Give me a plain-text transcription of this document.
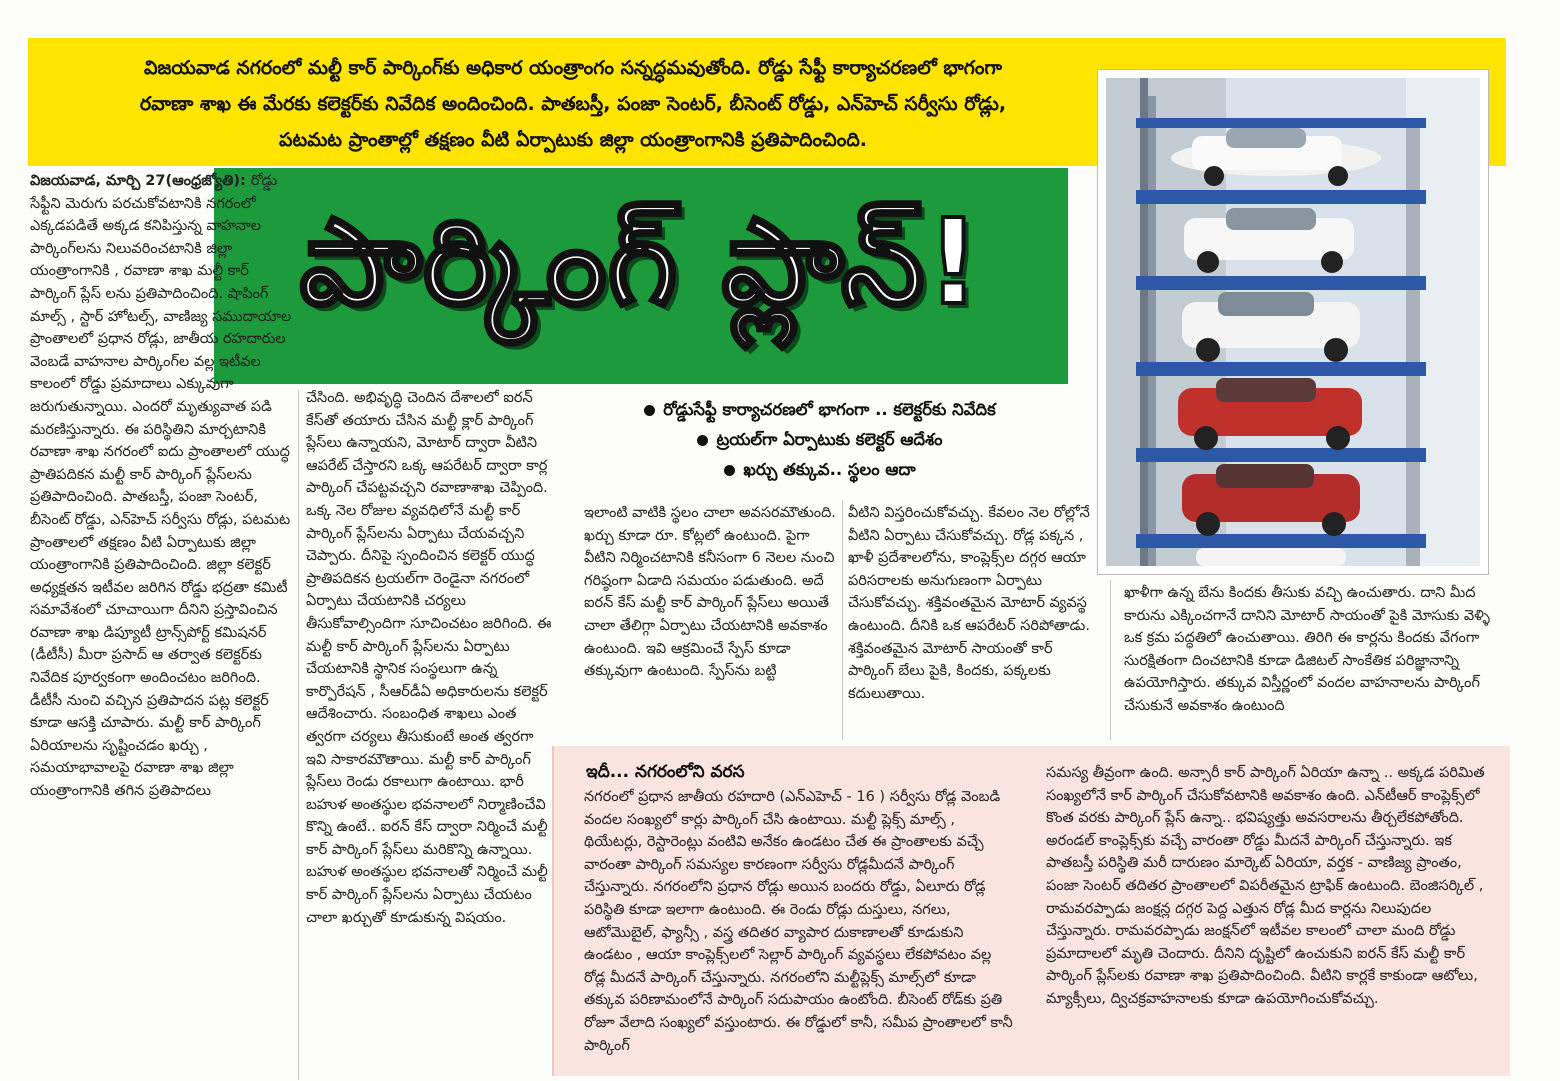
విజయవాడ నగరంలో మల్టీ కార్ పార్కింగ్‌కు అధికార యంత్రాంగం సన్నద్ధమవుతోంది. రోడ్డు సేఫ్టీ కార్యాచరణలో భాగంగా
రవాణా శాఖ ఈ మేరకు కలెక్టర్‌కు నివేదిక అందించింది. పాతబస్తీ, పంజా సెంటర్, బీసెంట్ రోడ్డు, ఎన్‌హెచ్ సర్వీసు రోడ్లు,
పటమట ప్రాంతాల్లో తక్షణం వీటి ఏర్పాటుకు జిల్లా యంత్రాంగానికి ప్రతిపాదించింది.
పార్కింగ్ ప్లాన్!
విజయవాడ, మార్చి 27(ఆంధ్రజ్యోతి): రోడ్డు సేఫ్టీని మెరుగు పరచుకోవటానికి నగరంలో ఎక్కడపడితే అక్కడ కనిపిస్తున్న వాహనాల పార్కింగ్‌లను నిలువరించటానికి జిల్లా యంత్రాంగానికి , రవాణా శాఖ మల్టీ కార్ పార్కింగ్ ప్లేస్ లను ప్రతిపాదించింది. షాపింగ్ మాల్స్ , స్టార్ హోటల్స్, వాణిజ్య సముదాయాల ప్రాంతాలలో ప్రధాన రోడ్లు, జాతీయ రహదారుల వెంబడే వాహనాల పార్కింగ్‌ల వల్ల ఇటీవల కాలంలో రోడ్డు ప్రమాదాలు ఎక్కువుగా జరుగుతున్నాయి. ఎందరో మృత్యువాత పడి మరణిస్తున్నారు. ఈ పరిస్థితిని మార్చటానికి రవాణా శాఖ నగరంలో ఐదు ప్రాంతాలలో యుద్ధ ప్రాతిపదికన మల్టీ కార్ పార్కింగ్ ప్లేస్‌లను ప్రతిపాదించింది. పాతబస్తీ, పంజా సెంటర్, బీసెంట్ రోడ్డు, ఎన్‌హెచ్ సర్వీసు రోడ్లు, పటమట ప్రాంతాలలో తక్షణం వీటి ఏర్పాటుకు జిల్లా యంత్రాంగానికి ప్రతిపాదించింది. జిల్లా కలెక్టర్ అధ్యక్షతన ఇటీవల జరిగిన రోడ్డు భద్రతా కమిటీ సమావేశంలో చూచాయిగా దీనిని ప్రస్తావించిన రవాణా శాఖ డిప్యూటీ ట్రాన్స్‌పోర్ట్ కమిషనర్ (డీటీసీ) మీరా ప్రసాద్ ఆ తర్వాత కలెక్టర్‌కు నివేదిక పూర్వకంగా అందించటం జరిగింది. డీటీసీ నుంచి వచ్చిన ప్రతిపాదన పట్ల కలెక్టర్ కూడా ఆసక్తి చూపారు. మల్టీ కార్ పార్కింగ్ ఏరియాలను సృష్టించడం ఖర్చు , సమయాభావాలపై రవాణా శాఖ జిల్లా యంత్రాంగానికి తగిన ప్రతిపాదలు
చేసింది. అభివృద్ధి చెందిన దేశాలలో ఐరన్ కేస్‌తో తయారు చేసిన మల్టీ క్లార్ పార్కింగ్ ప్లేస్‌లు ఉన్నాయని, మోటార్ ద్వారా వీటిని ఆపరేట్ చేస్తారని ఒక్క ఆపరేటర్ ద్వారా కార్ల పార్కింగ్ చేపట్టవచ్చని రవాణాశాఖ చెప్పింది. ఒక్క నెల రోజుల వ్యవధిలోనే మల్టీ కార్ పార్కింగ్ ప్లేస్‌లను ఏర్పాటు చేయవచ్చని చెప్పారు. దీనిపై స్పందించిన కలెక్టర్ యుద్ధ ప్రాతిపదికన ట్రయల్‌గా రెండైనా నగరంలో ఏర్పాటు చేయటానికి చర్యలు తీసుకోవాల్సిందిగా సూచించటం జరిగింది. ఈ మల్టీ కార్ పార్కింగ్ ప్లేస్‌లను ఏర్పాటు చేయటానికి స్థానిక సంస్థలుగా ఉన్న కార్పొరేషన్ , సీఆర్‌డీఏ అధికారులను కలెక్టర్ ఆదేశించారు. సంబంధిత శాఖలు ఎంత త్వరగా చర్యలు తీసుకుంటే అంత త్వరగా ఇవి సాకారమౌతాయి. మల్టీ కార్ పార్కింగ్ ప్లేస్‌లు రెండు రకాలుగా ఉంటాయి. భారీ బహుళ అంతస్థుల భవనాలలో నిర్మాణించేవి కొన్ని ఉంటే.. ఐరన్ కేస్ ద్వారా నిర్మించే మల్టీ కార్ పార్కింగ్ ప్లేస్‌లు మరికొన్ని ఉన్నాయి. బహుళ అంతస్థుల భవనాలతో నిర్మించే మల్టీ కార్ పార్కింగ్ ప్లేస్‌లను ఏర్పాటు చేయటం చాలా ఖర్చుతో కూడుకున్న విషయం.
రోడ్డుసేఫ్టీ కార్యాచరణలో భాగంగా .. కలెక్టర్‌కు నివేదిక
ట్రయల్‌గా ఏర్పాటుకు కలెక్టర్ ఆదేశం
ఖర్చు తక్కువ.. స్థలం ఆదా
ఇలాంటి వాటికి స్థలం చాలా అవసరమౌతుంది. ఖర్చు కూడా రూ. కోట్లలో ఉంటుంది. పైగా వీటిని నిర్మించటానికి కనీసంగా 6 నెలల నుంచి గరిష్ఠంగా ఏడాది సమయం పడుతుంది. అదే ఐరన్ కేస్ మల్టీ కార్ పార్కింగ్ ప్లేస్‌లు అయితే చాలా తేలిగ్గా ఏర్పాటు చేయటానికి అవకాశం ఉంటుంది. ఇవి ఆక్రమించే స్పేస్ కూడా తక్కువుగా ఉంటుంది. స్పేస్‌ను బట్టి
వీటిని విస్తరించుకోవచ్చు. కేవలం నెల రోల్లోనే వీటిని ఏర్పాటు చేసుకోవచ్చు. రోడ్ల పక్కన , ఖాళీ ప్రదేశాలలోను, కాంప్లెక్స్‌ల దగ్గర ఆయా పరిసరాలకు అనుగుణంగా ఏర్పాటు చేసుకోవచ్చు. శక్తివంతమైన మోటార్ వ్యవస్థ ఉంటుంది. దీనికి ఒక ఆపరేటర్ సరిపోతాడు. శక్తివంతమైన మోటార్ సాయంతో కార్ పార్కింగ్ బేలు పైకి, కిందకు, పక్కలకు కదులుతాయి.
ఖాళీగా ఉన్న బేను కిందకు తీసుకు వచ్చి ఉంచుతారు. దాని మీద కారును ఎక్కించగానే దానిని మోటార్ సాయంతో పైకి మోసుకు వెళ్ళి ఒక క్రమ పద్ధతిలో ఉంచుతాయి. తిరిగి ఈ కార్లను కిందకు వేగంగా సురక్షితంగా దించటానికి కూడా డిజిటల్ సాంకేతిక పరిజ్ఞానాన్ని ఉపయోగిస్తారు. తక్కువ విస్తీర్ణంలో వందల వాహనాలను పార్కింగ్ చేసుకునే అవకాశం ఉంటుంది
ఇదీ... నగరంలోని వరస
నగరంలో ప్రధాన జాతీయ రహదారి (ఎన్‌ఎహెచ్ - 16 ) సర్వీసు రోడ్ల వెంబడి వందల సంఖ్యలో కార్లు పార్కింగ్ చేసి ఉంటాయి. మల్టీ ప్లెక్స్ మాల్స్ , థియేటర్లు, రెస్టారెంట్లు వంటివి అనేకం ఉండటం చేత ఈ ప్రాంతాలకు వచ్చే వారంతా పార్కింగ్ సమస్యల కారణంగా సర్వీసు రోడ్లమీదనే పార్కింగ్ చేస్తున్నారు. నగరంలోని ప్రధాన రోడ్లు అయిన బందరు రోడ్డు, ఏలూరు రోడ్ల పరిస్థితి కూడా ఇలాగా ఉంటుంది. ఈ రెండు రోడ్లు దుస్తులు, నగలు, ఆటోమొబైల్, ఫ్యాన్సీ , వస్త్ర తదితర వ్యాపార దుకాణాలతో కూడుకుని ఉండటం , ఆయా కాంప్లెక్స్‌లలో సెల్లార్ పార్కింగ్ వ్యవస్థలు లేకపోవటం వల్ల రోడ్ల మీదనే పార్కింగ్ చేస్తున్నారు. నగరంలోని మల్టీప్లెక్స్ మాల్స్‌లో కూడా తక్కువ పరిణామంలోనే పార్కింగ్ సదుపాయం ఉంటోంది. బీసెంట్ రోడ్‌కు ప్రతి రోజూ వేలాది సంఖ్యలో వస్తుంటారు. ఈ రోడ్డులో కానీ, సమీప ప్రాంతాలలో కానీ పార్కింగ్
సమస్య తీవ్రంగా ఉంది. అన్సారీ కార్ పార్కింగ్ ఏరియా ఉన్నా .. అక్కడ పరిమిత సంఖ్యలోనే కార్ పార్కింగ్ చేసుకోవటానికి అవకాశం ఉంది. ఎన్‌టీఆర్ కాంప్లెక్స్‌లో కొంత వరకు పార్కింగ్ ప్లేస్ ఉన్నా.. భవిష్యత్తు అవసరాలను తీర్చలేకపోతోంది. అరండల్ కాంప్లెక్స్‌కు వచ్చే వారంతా రోడ్డు మీదనే పార్కింగ్ చేస్తున్నారు. ఇక పాతబస్తీ పరిస్థితి మరీ దారుణం మార్కెట్ ఏరియా, వర్తక - వాణిజ్య ప్రాంతం, పంజా సెంటర్ తదితర ప్రాంతాలలో విపరీతమైన ట్రాఫిక్ ఉంటుంది. బెంజిసర్కిల్ , రామవరప్పాడు జంక్షన్ల దగ్గర పెద్ద ఎత్తున రోడ్ల మీద కార్లను నిలుపుదల చేస్తున్నారు. రామవరప్పాడు జంక్షన్‌లో ఇటీవల కాలంలో చాలా మంది రోడ్డు ప్రమాదాలలో మృతి చెందారు. దీనిని దృష్టిలో ఉంచుకుని ఐరన్ కేస్ మల్టీ కార్ పార్కింగ్ ప్లేస్‌లకు రవాణా శాఖ ప్రతిపాదించింది. వీటిని కార్లకే కాకుండా ఆటోలు, మ్యాక్సీలు, ద్విచక్రవాహనాలకు కూడా ఉపయోగించుకోవచ్చు.
